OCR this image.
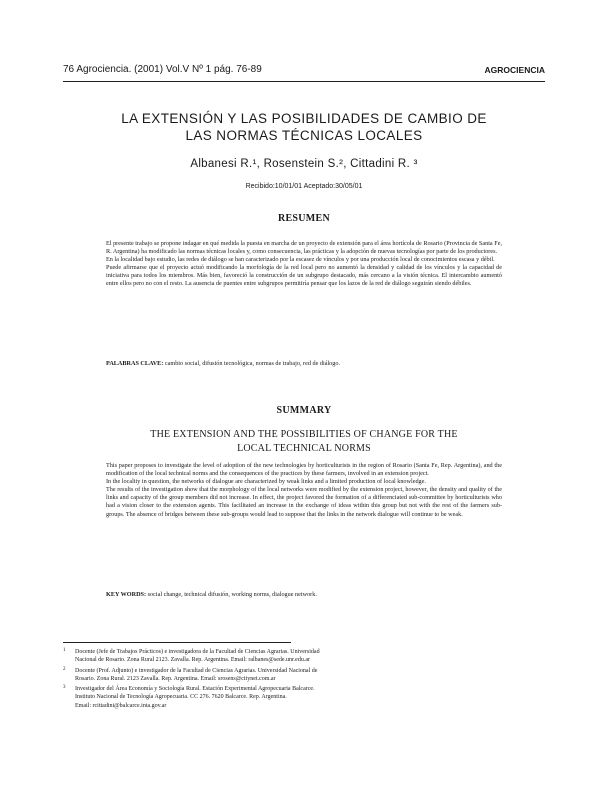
76 Agrociencia. (2001) Vol.V Nº 1 pág. 76-89	AGROCIENCIA
LA EXTENSIÓN Y LAS POSIBILIDADES DE CAMBIO DE
LAS NORMAS TÉCNICAS LOCALES
Albanesi R.¹, Rosenstein S.², Cittadini R. ³
Recibido:10/01/01 Aceptado:30/05/01
RESUMEN

El presente trabajo se propone indagar en qué medida la puesta en marcha de un proyecto de extensión para el área hortícola de Rosario (Provincia de Santa Fe, R. Argentina) ha modificado las normas técnicas locales y, como consecuencia, las prácticas y la adopción de nuevas tecnologías por parte de los productores.

En la localidad bajo estudio, las redes de diálogo se han caracterizado por la escasez de vínculos y por una producción local de conocimientos escasa y débil.

Puede afirmarse que el proyecto actuó modificando la morfología de la red local pero no aumentó la densidad y calidad de los vínculos y la capacidad de iniciativa para todos los miembros. Más bien, favoreció la construcción de un subgrupo destacado, más cercano a la visión técnica. El intercambio aumentó entre ellos pero no con el resto. La ausencia de puentes entre subgrupos permitiría pensar que los lazos de la red de diálogo seguirán siendo débiles.

PALABRAS CLAVE: cambio social, difusión tecnológica, normas de trabajo, red de diálogo.
SUMMARY
THE EXTENSION AND THE POSSIBILITIES OF CHANGE FOR THE
LOCAL TECHNICAL NORMS

This paper proposes to investigate the level of adoption of the new technologies by horticulturists in the region of Rosario (Santa Fe, Rep. Argentina), and the modification of the local technical norms and the consequences of the practices by these farmers, involved in an extension project.

In the locality in question, the networks of dialogue are characterized by weak links and a limited production of local knowledge.

The results of the investigation show that the morphology of the local networks were modified by the extension project, however, the density and quality of the links and capacity of the group members did not increase. In effect, the project favored the formation of a differenciated sub-committee by horticulturists who had a vision closer to the extension agents. This facilitated an increase in the exchange of ideas within this group but not with the rest of the farmers sub-groups. The absence of bridges between these sub-groups would lead to suppose that the links in the network dialogue will continue to be weak.

KEY WORDS: social change, technical difusión, working norms, dialogue network.
1 Docente (Jefe de Trabajos Prácticos) e investigadora de la Facultad de Ciencias Agrarias. Universidad
Nacional de Rosario. Zona Rural 2123. Zavalla. Rep. Argentina. Email: ralbanes@sede.unr.edu.ar
2 Docente (Prof. Adjunto) e investigador de la Facultad de Ciencias Agrarias. Universidad Nacional de
Rosario. Zona Rural. 2123 Zavalla. Rep. Argentina. Email: srosens@citynet.com.ar
3 Investigador del Área Economía y Sociología Rural. Estación Experimental Agropecuaria Balcarce.
Instituto Nacional de Tecnología Agropecuaria. CC 276. 7620 Balcarce. Rep. Argentina.
Email: rcittadini@balcarce.inta.gov.ar
